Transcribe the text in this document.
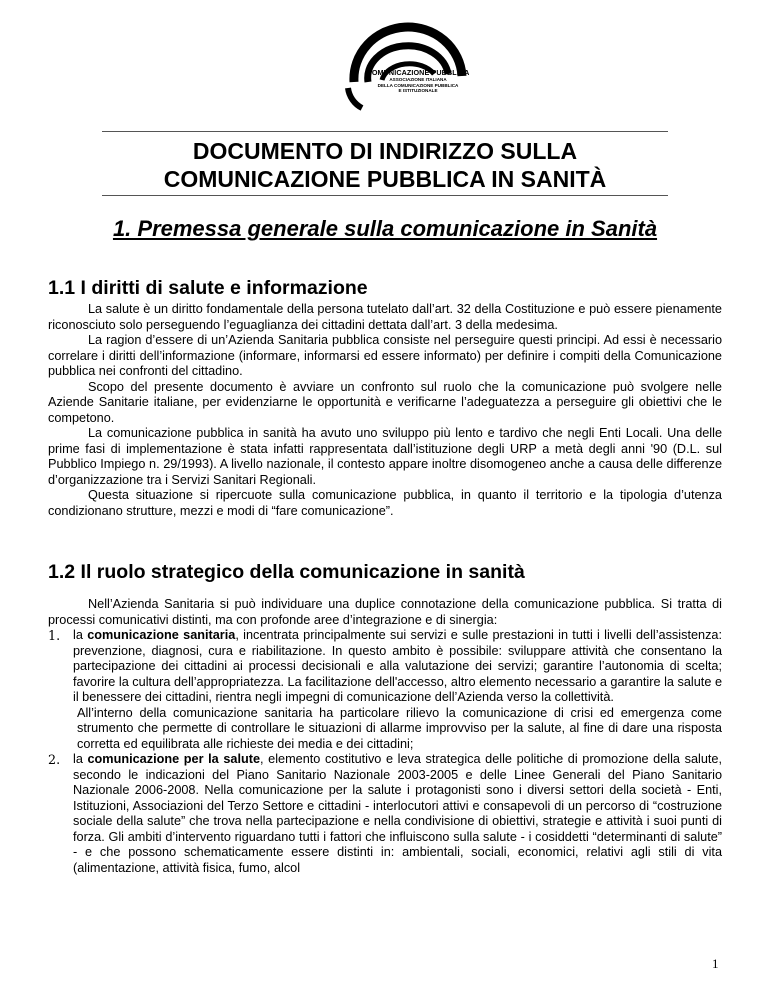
COMUNICAZIONE PUBBLICA
ASSOCIAZIONE ITALIANA
DELLA COMUNICAZIONE PUBBLICA
E ISTITUZIONALE
DOCUMENTO DI INDIRIZZO SULLA
COMUNICAZIONE PUBBLICA IN SANITÀ
1. Premessa generale sulla comunicazione in Sanità
1.1 I diritti di salute e informazione

La salute è un diritto fondamentale della persona tutelato dall’art. 32 della Costituzione e può essere pienamente riconosciuto solo perseguendo l’eguaglianza dei cittadini dettata dall’art. 3 della medesima.

La ragion d’essere di un’Azienda Sanitaria pubblica consiste nel perseguire questi principi. Ad essi è necessario correlare i diritti dell’informazione (informare, informarsi ed essere informato) per definire i compiti della Comunicazione pubblica nei confronti del cittadino.

Scopo del presente documento è avviare un confronto sul ruolo che la comunicazione può svolgere nelle Aziende Sanitarie italiane, per evidenziarne le opportunità e verificarne l’adeguatezza a perseguire gli obiettivi che le competono.

La comunicazione pubblica in sanità ha avuto uno sviluppo più lento e tardivo che negli Enti Locali. Una delle prime fasi di implementazione è stata infatti rappresentata dall’istituzione degli URP a metà degli anni '90 (D.L. sul Pubblico Impiego n. 29/1993). A livello nazionale, il contesto appare inoltre disomogeneo anche a causa delle differenze d’organizzazione tra i Servizi Sanitari Regionali.

Questa situazione si ripercuote sulla comunicazione pubblica, in quanto il territorio e la tipologia d’utenza condizionano strutture, mezzi e modi di “fare comunicazione”.

1.2 Il ruolo strategico della comunicazione in sanità

Nell’Azienda Sanitaria si può individuare una duplice connotazione della comunicazione pubblica. Si tratta di processi comunicativi distinti, ma con profonde aree d’integrazione e di sinergia:

1. la comunicazione sanitaria, incentrata principalmente sui servizi e sulle prestazioni in tutti i livelli dell’assistenza: prevenzione, diagnosi, cura e riabilitazione. In questo ambito è possibile: sviluppare attività che consentano la partecipazione dei cittadini ai processi decisionali e alla valutazione dei servizi; garantire l’autonomia di scelta; favorire la cultura dell’appropriatezza. La facilitazione dell'accesso, altro elemento necessario a garantire la salute e il benessere dei cittadini, rientra negli impegni di comunicazione dell’Azienda verso la collettività.
All’interno della comunicazione sanitaria ha particolare rilievo la comunicazione di crisi ed emergenza come strumento che permette di controllare le situazioni di allarme improvviso per la salute, al fine di dare una risposta corretta ed equilibrata alle richieste dei media e dei cittadini;
2. la comunicazione per la salute, elemento costitutivo e leva strategica delle politiche di promozione della salute, secondo le indicazioni del Piano Sanitario Nazionale 2003-2005 e delle Linee Generali del Piano Sanitario Nazionale 2006-2008. Nella comunicazione per la salute i protagonisti sono i diversi settori della società - Enti, Istituzioni, Associazioni del Terzo Settore e cittadini - interlocutori attivi e consapevoli di un percorso di “costruzione sociale della salute” che trova nella partecipazione e nella condivisione di obiettivi, strategie e attività i suoi punti di forza. Gli ambiti d’intervento riguardano tutti i fattori che influiscono sulla salute - i cosiddetti “determinanti di salute” - e che possono schematicamente essere distinti in: ambientali, sociali, economici, relativi agli stili di vita (alimentazione, attività fisica, fumo, alcol
1
